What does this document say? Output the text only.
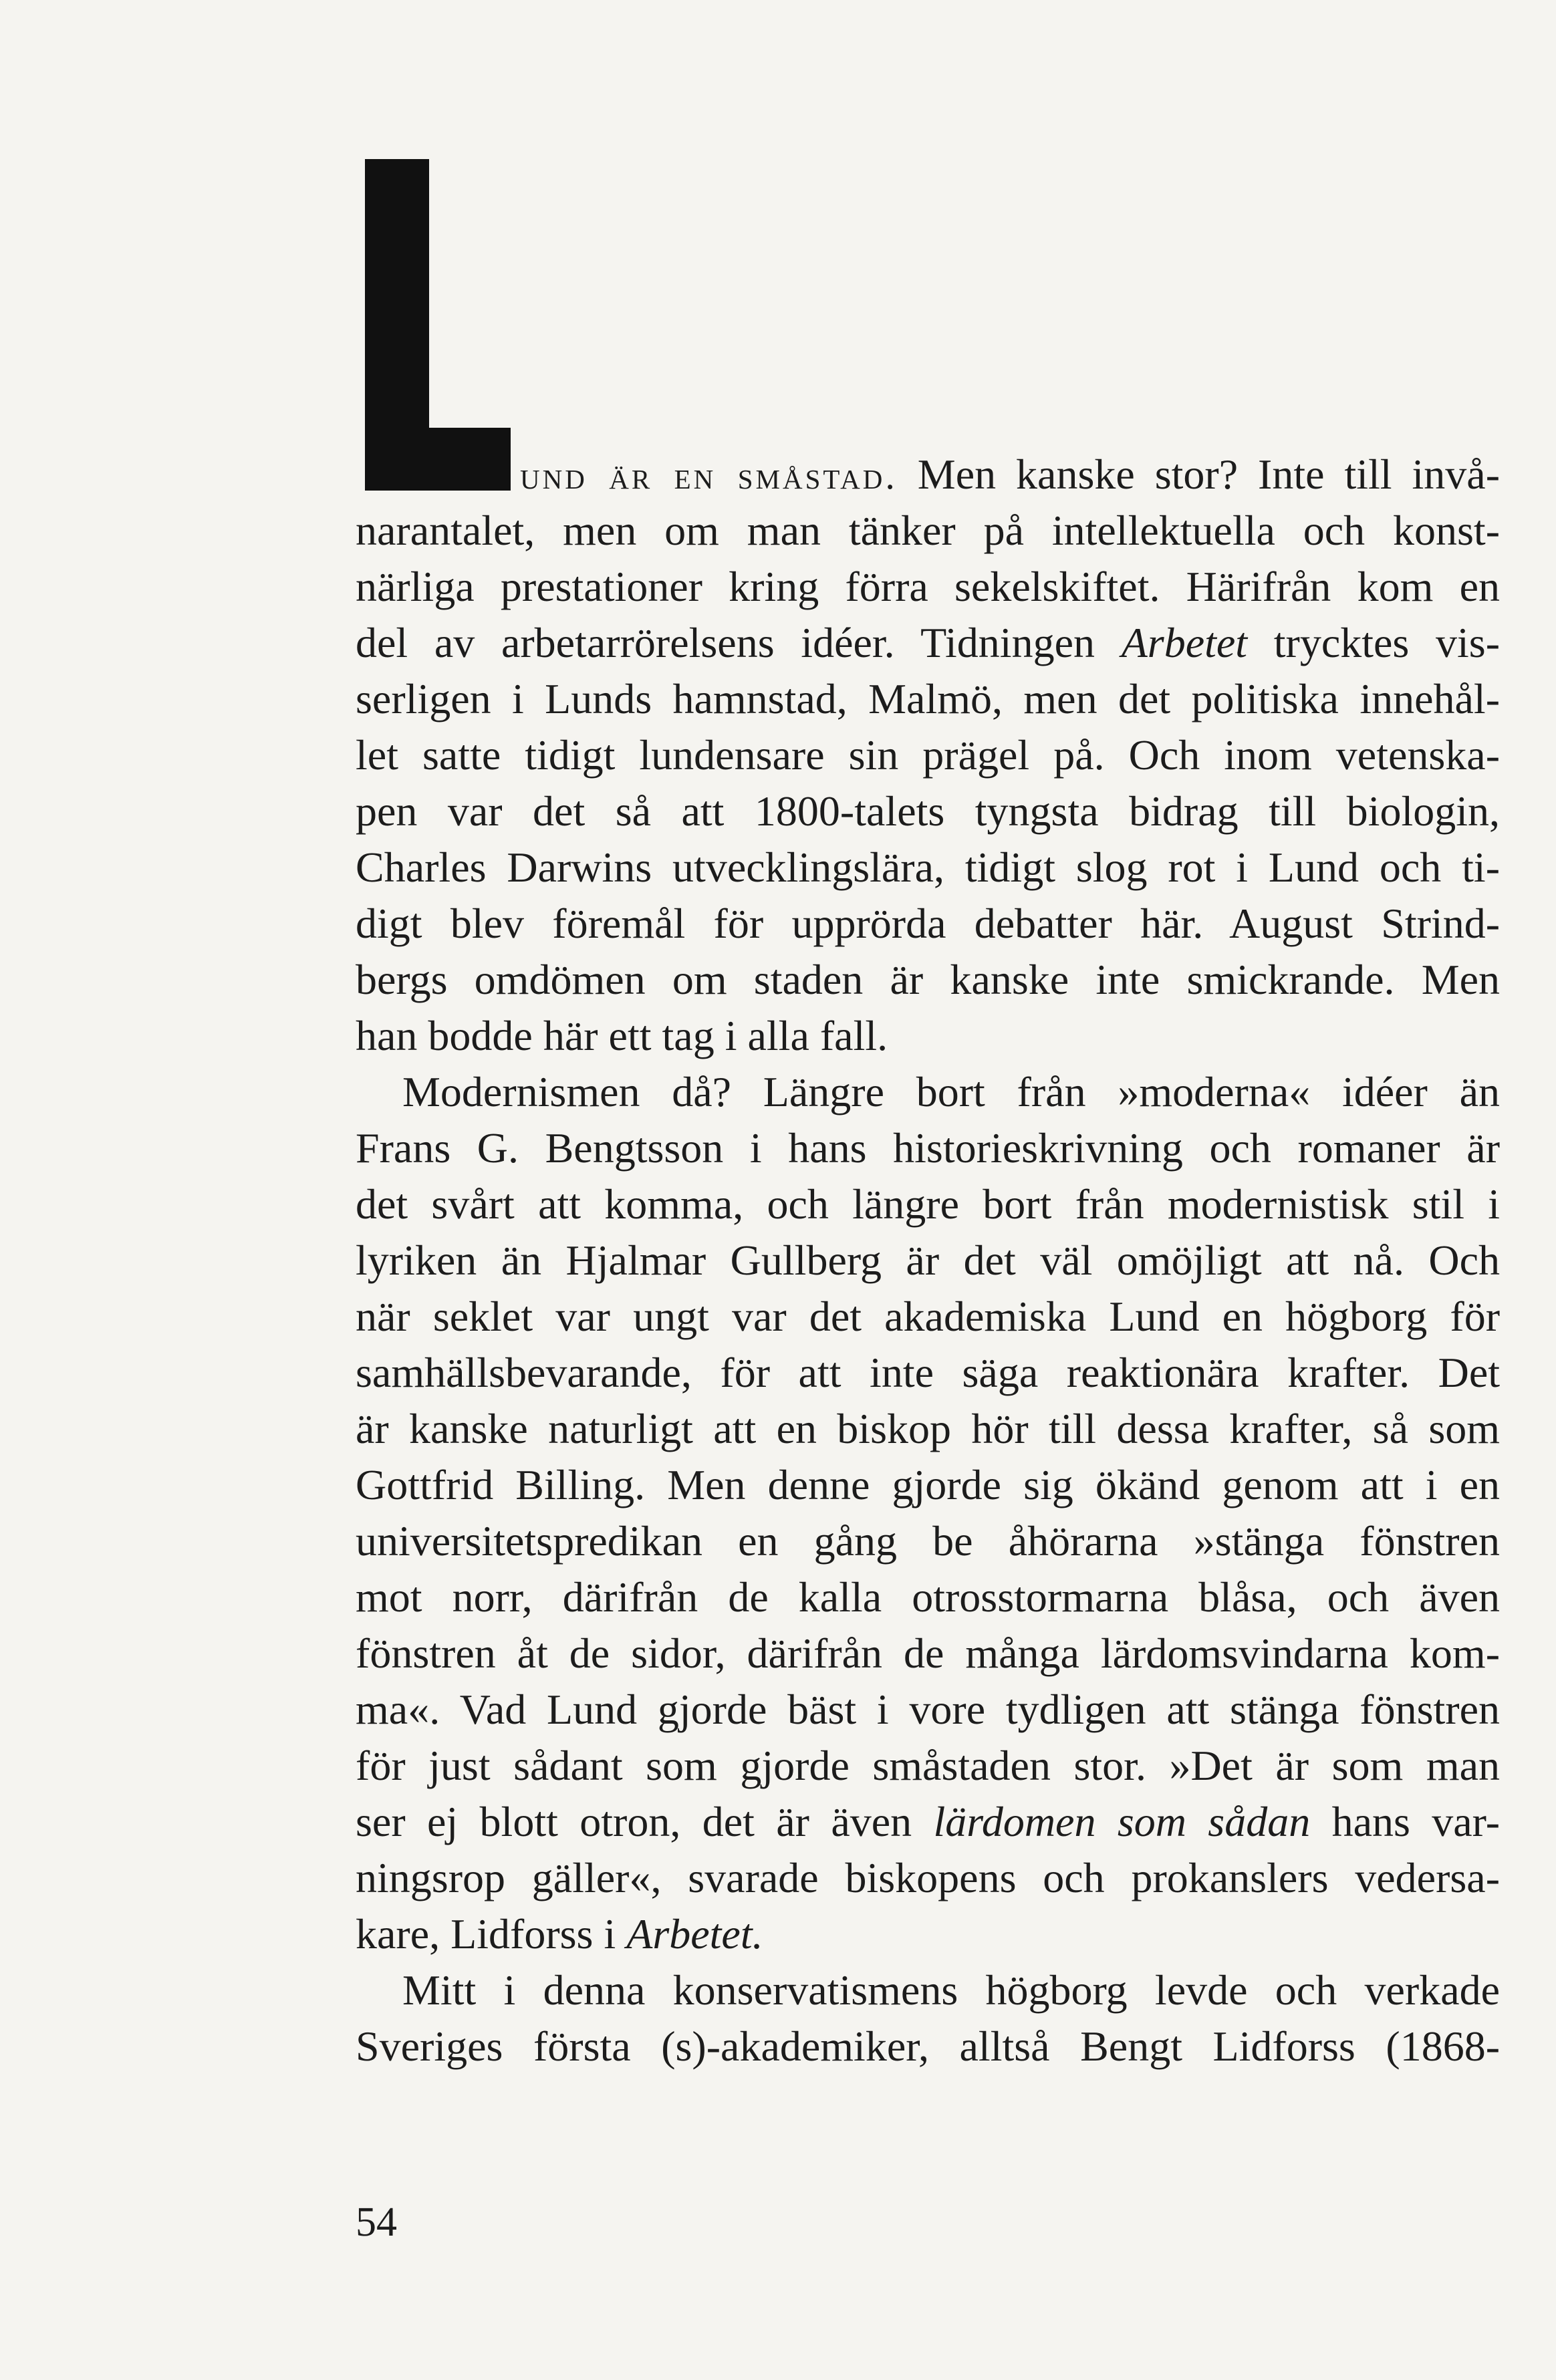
und är en småstad. Men kanske stor? Inte till invå-
narantalet, men om man tänker på intellektuella och konst-
närliga prestationer kring förra sekelskiftet. Härifrån kom en
del av arbetarrörelsens idéer. Tidningen Arbetet trycktes vis-
serligen i Lunds hamnstad, Malmö, men det politiska innehål-
let satte tidigt lundensare sin prägel på. Och inom vetenska-
pen var det så att 1800-talets tyngsta bidrag till biologin,
Charles Darwins utvecklingslära, tidigt slog rot i Lund och ti-
digt blev föremål för upprörda debatter här. August Strind-
bergs omdömen om staden är kanske inte smickrande. Men
han bodde här ett tag i alla fall.
Modernismen då? Längre bort från »moderna« idéer än
Frans G. Bengtsson i hans historieskrivning och romaner är
det svårt att komma, och längre bort från modernistisk stil i
lyriken än Hjalmar Gullberg är det väl omöjligt att nå. Och
när seklet var ungt var det akademiska Lund en högborg för
samhällsbevarande, för att inte säga reaktionära krafter. Det
är kanske naturligt att en biskop hör till dessa krafter, så som
Gottfrid Billing. Men denne gjorde sig ökänd genom att i en
universitetspredikan en gång be åhörarna »stänga fönstren
mot norr, därifrån de kalla otrosstormarna blåsa, och även
fönstren åt de sidor, därifrån de många lärdomsvindarna kom-
ma«. Vad Lund gjorde bäst i vore tydligen att stänga fönstren
för just sådant som gjorde småstaden stor. »Det är som man
ser ej blott otron, det är även lärdomen som sådan hans var-
ningsrop gäller«, svarade biskopens och prokanslers vedersa-
kare, Lidforss i Arbetet.
Mitt i denna konservatismens högborg levde och verkade
Sveriges första (s)-akademiker, alltså Bengt Lidforss (1868-
54
